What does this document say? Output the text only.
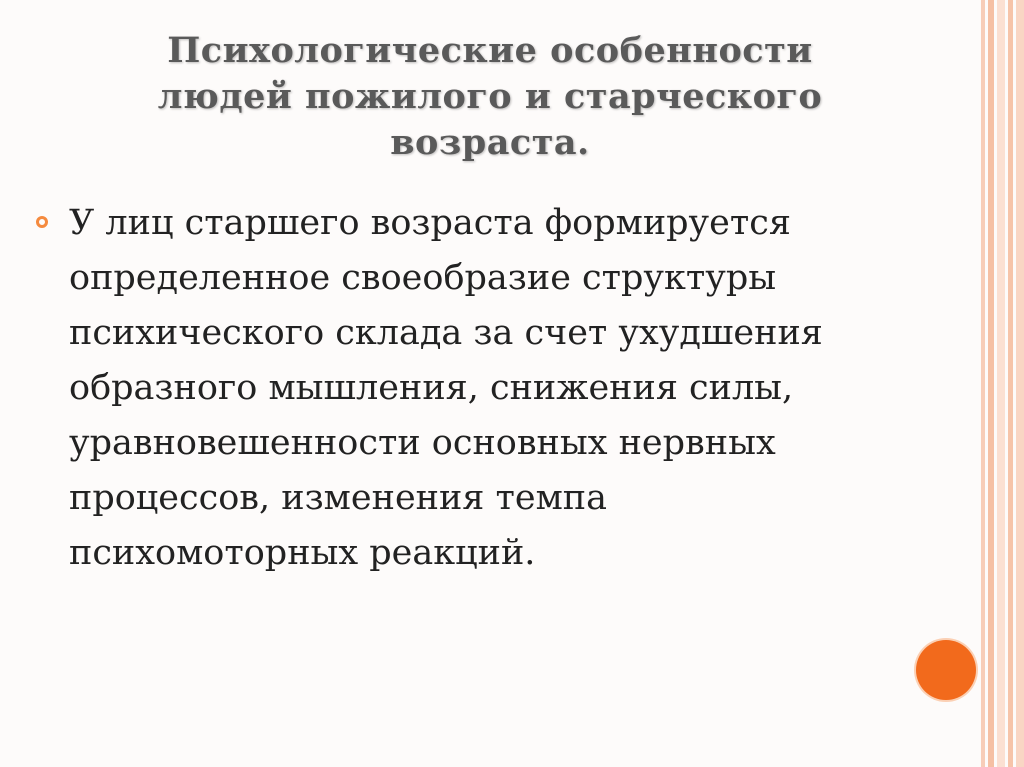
Психологические особенности
людей пожилого и старческого
возраста.

У лиц старшего возраста формируется
определенное своеобразие структуры
психического склада за счет ухудшения
образного мышления, снижения силы,
уравновешенности основных нервных
процессов, изменения темпа
психомоторных реакций.
